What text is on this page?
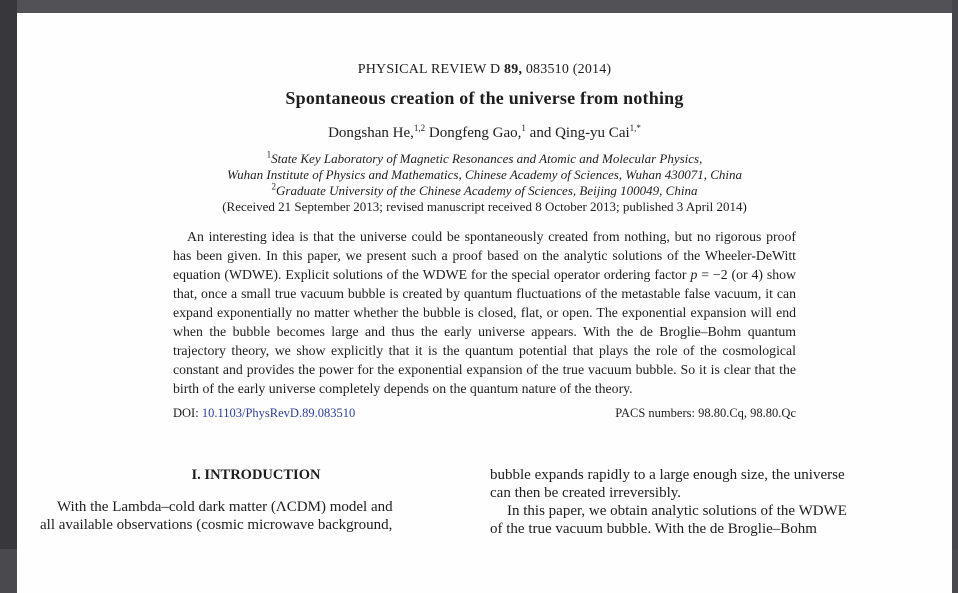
PHYSICAL REVIEW D 89, 083510 (2014)
Spontaneous creation of the universe from nothing
Dongshan He,$^{1,2}$ Dongfeng Gao,$^1$ and Qing-yu Cai$^{1,*}$
$^1$State Key Laboratory of Magnetic Resonances and Atomic and Molecular Physics,
Wuhan Institute of Physics and Mathematics, Chinese Academy of Sciences, Wuhan 430071, China
$^2$Graduate University of the Chinese Academy of Sciences, Beijing 100049, China
(Received 21 September 2013; revised manuscript received 8 October 2013; published 3 April 2014)

An interesting idea is that the universe could be spontaneously created from nothing, but no rigorous proof has been given. In this paper, we present such a proof based on the analytic solutions of the Wheeler-DeWitt equation (WDWE). Explicit solutions of the WDWE for the special operator ordering factor p = −2 (or 4) show that, once a small true vacuum bubble is created by quantum fluctuations of the metastable false vacuum, it can expand exponentially no matter whether the bubble is closed, flat, or open. The exponential expansion will end when the bubble becomes large and thus the early universe appears. With the de Broglie–Bohm quantum trajectory theory, we show explicitly that it is the quantum potential that plays the role of the cosmological constant and provides the power for the exponential expansion of the true vacuum bubble. So it is clear that the birth of the early universe completely depends on the quantum nature of the theory.

DOI: 10.1103/PhysRevD.89.083510	PACS numbers: 98.80.Cq, 98.80.Qc
I. INTRODUCTION
With the Lambda–cold dark matter (ΛCDM) model and
all available observations (cosmic microwave background,
bubble expands rapidly to a large enough size, the universe
can then be created irreversibly.
In this paper, we obtain analytic solutions of the WDWE
of the true vacuum bubble. With the de Broglie–Bohm
